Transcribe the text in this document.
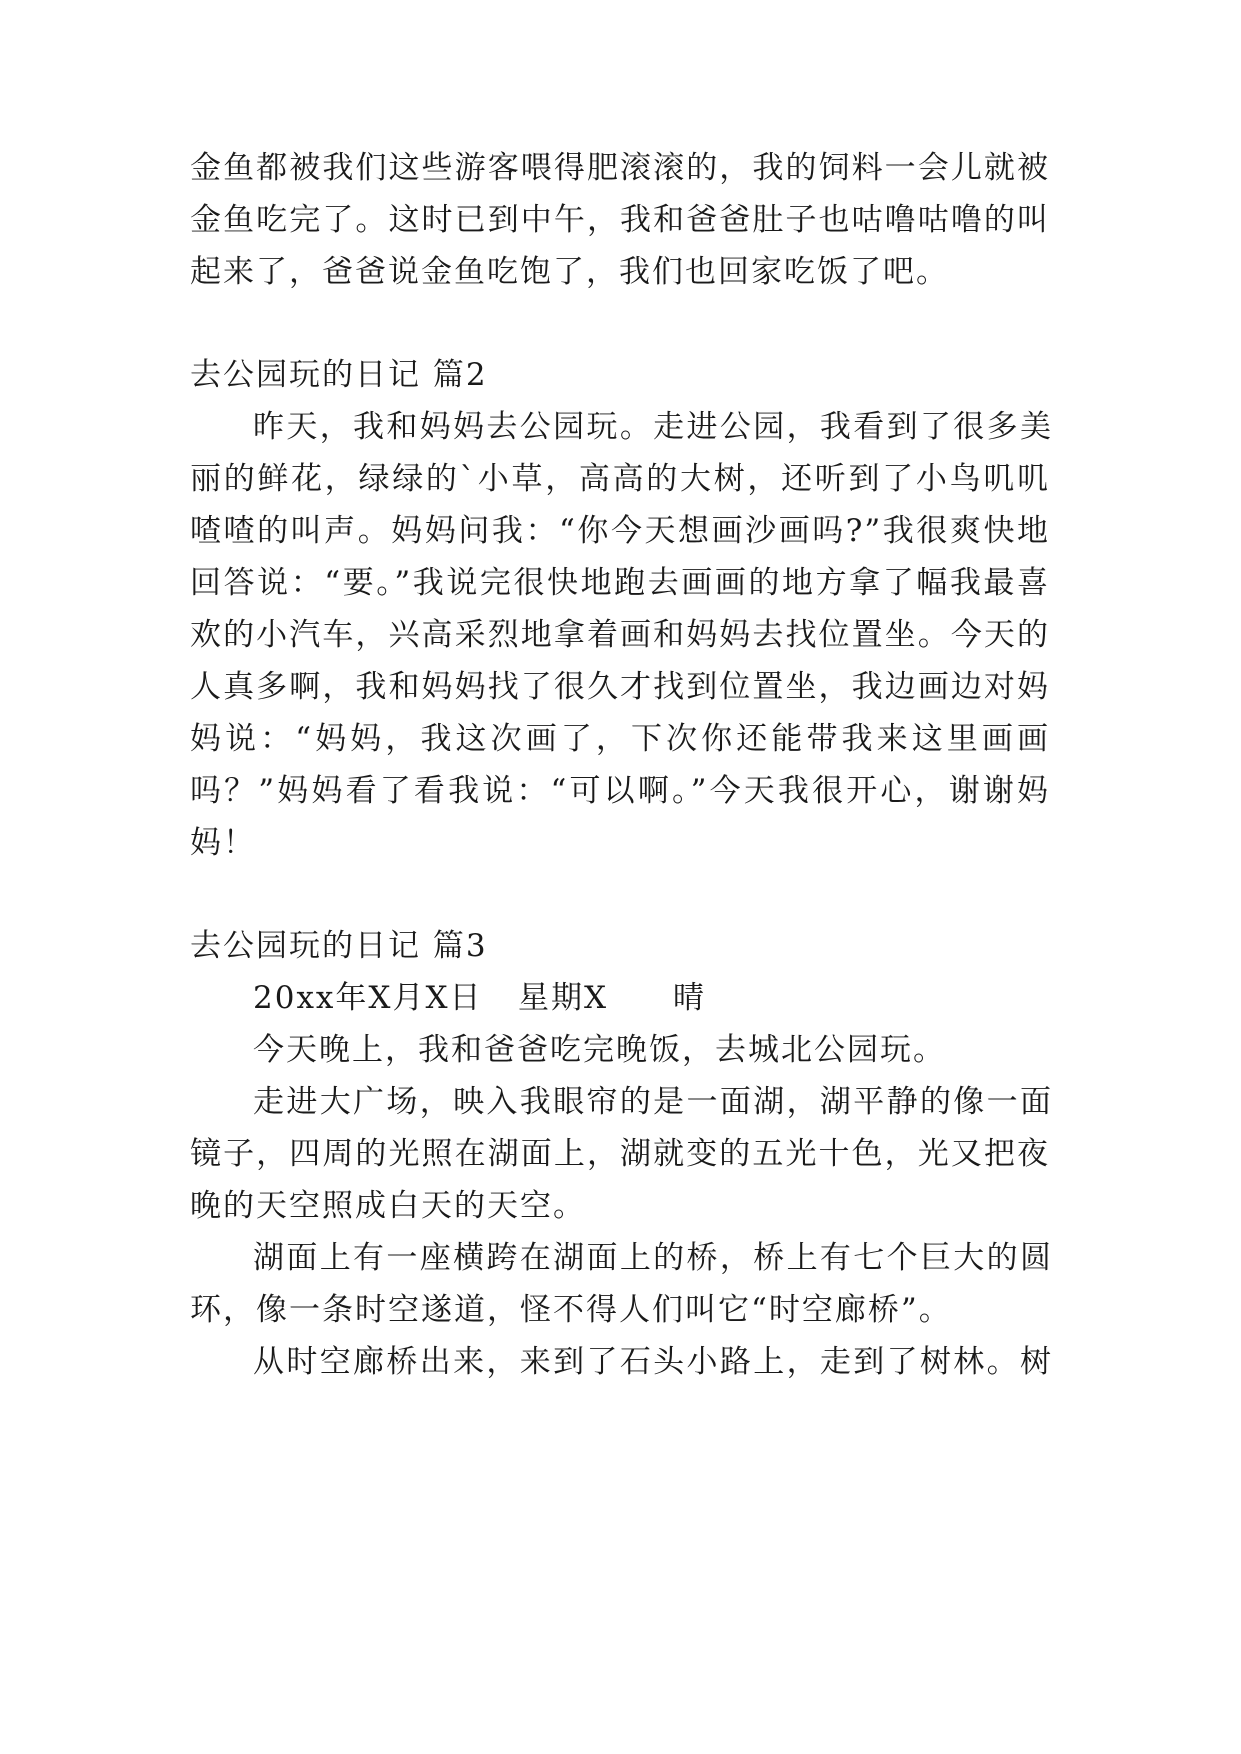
金鱼都被我们这些游客喂得肥滚滚的，我的饲料一会儿就被
金鱼吃完了。这时已到中午，我和爸爸肚子也咕噜咕噜的叫
起来了，爸爸说金鱼吃饱了，我们也回家吃饭了吧。
去公园玩的日记 篇2
昨天，我和妈妈去公园玩。走进公园，我看到了很多美
丽的鲜花，绿绿的`小草，高高的大树，还听到了小鸟叽叽
喳喳的叫声。妈妈问我：“你今天想画沙画吗?”我很爽快地
回答说：“要。”我说完很快地跑去画画的地方拿了幅我最喜
欢的小汽车，兴高采烈地拿着画和妈妈去找位置坐。今天的
人真多啊，我和妈妈找了很久才找到位置坐，我边画边对妈
妈说：“妈妈，我这次画了，下次你还能带我来这里画画
吗？”妈妈看了看我说：“可以啊。”今天我很开心，谢谢妈
妈！
去公园玩的日记 篇3
20xx年X月X日 星期X 晴
今天晚上，我和爸爸吃完晚饭，去城北公园玩。
走进大广场，映入我眼帘的是一面湖，湖平静的像一面
镜子，四周的光照在湖面上，湖就变的五光十色，光又把夜
晚的天空照成白天的天空。
湖面上有一座横跨在湖面上的桥，桥上有七个巨大的圆
环，像一条时空遂道，怪不得人们叫它“时空廊桥”。
从时空廊桥出来，来到了石头小路上，走到了树林。树
